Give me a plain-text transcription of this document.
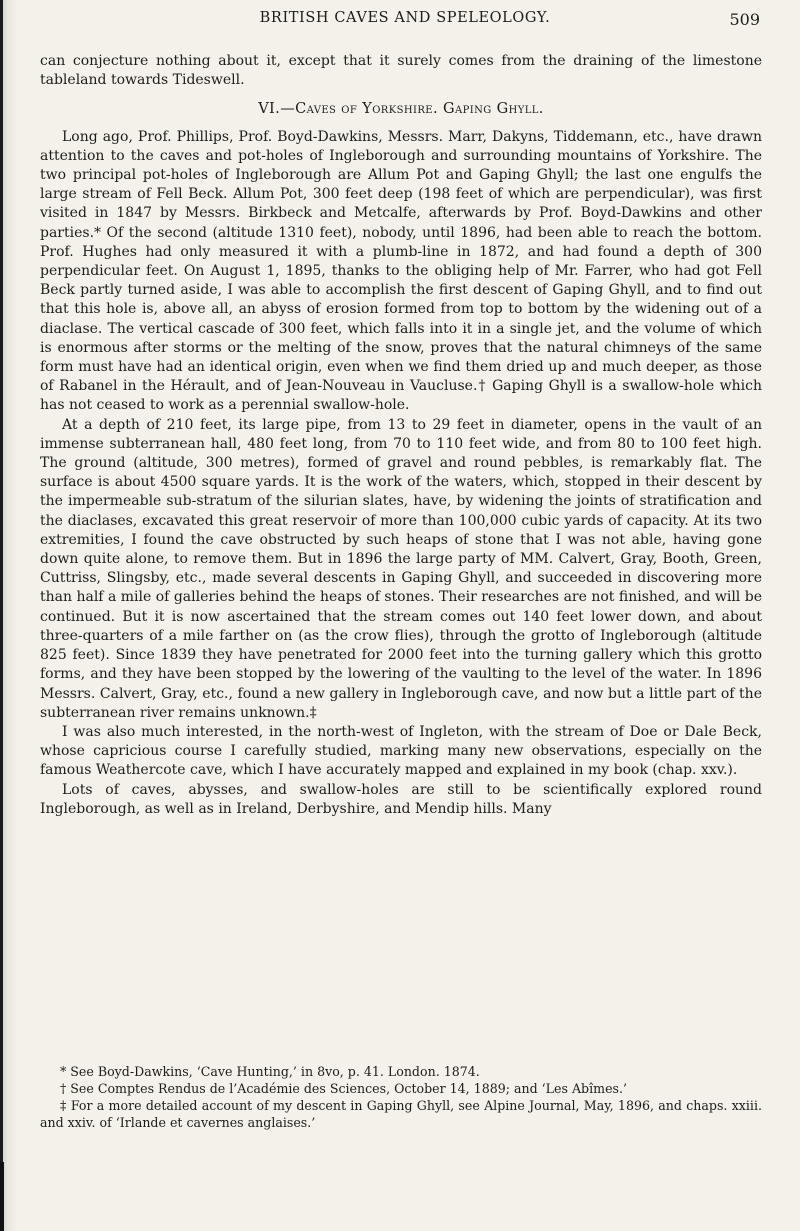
BRITISH CAVES AND SPELEOLOGY.	509

can conjecture nothing about it, except that it surely comes from the draining of the limestone tableland towards Tideswell.

VI.—Caves of Yorkshire. Gaping Ghyll.

Long ago, Prof. Phillips, Prof. Boyd-Dawkins, Messrs. Marr, Dakyns, Tiddemann, etc., have drawn attention to the caves and pot-holes of Ingleborough and surrounding mountains of Yorkshire. The two principal pot-holes of Ingleborough are Allum Pot and Gaping Ghyll; the last one engulfs the large stream of Fell Beck. Allum Pot, 300 feet deep (198 feet of which are perpendicular), was first visited in 1847 by Messrs. Birkbeck and Metcalfe, afterwards by Prof. Boyd-Dawkins and other parties.* Of the second (altitude 1310 feet), nobody, until 1896, had been able to reach the bottom. Prof. Hughes had only measured it with a plumb-line in 1872, and had found a depth of 300 perpendicular feet. On August 1, 1895, thanks to the obliging help of Mr. Farrer, who had got Fell Beck partly turned aside, I was able to accomplish the first descent of Gaping Ghyll, and to find out that this hole is, above all, an abyss of erosion formed from top to bottom by the widening out of a diaclase. The vertical cascade of 300 feet, which falls into it in a single jet, and the volume of which is enormous after storms or the melting of the snow, proves that the natural chimneys of the same form must have had an identical origin, even when we find them dried up and much deeper, as those of Rabanel in the Hérault, and of Jean-Nouveau in Vaucluse.† Gaping Ghyll is a swallow-hole which has not ceased to work as a perennial swallow-hole.

At a depth of 210 feet, its large pipe, from 13 to 29 feet in diameter, opens in the vault of an immense subterranean hall, 480 feet long, from 70 to 110 feet wide, and from 80 to 100 feet high. The ground (altitude, 300 metres), formed of gravel and round pebbles, is remarkably flat. The surface is about 4500 square yards. It is the work of the waters, which, stopped in their descent by the impermeable sub-stratum of the silurian slates, have, by widening the joints of stratification and the diaclases, excavated this great reservoir of more than 100,000 cubic yards of capacity. At its two extremities, I found the cave obstructed by such heaps of stone that I was not able, having gone down quite alone, to remove them. But in 1896 the large party of MM. Calvert, Gray, Booth, Green, Cuttriss, Slingsby, etc., made several descents in Gaping Ghyll, and succeeded in discovering more than half a mile of galleries behind the heaps of stones. Their researches are not finished, and will be continued. But it is now ascertained that the stream comes out 140 feet lower down, and about three-quarters of a mile farther on (as the crow flies), through the grotto of Ingleborough (altitude 825 feet). Since 1839 they have penetrated for 2000 feet into the turning gallery which this grotto forms, and they have been stopped by the lowering of the vaulting to the level of the water. In 1896 Messrs. Calvert, Gray, etc., found a new gallery in Ingleborough cave, and now but a little part of the subterranean river remains unknown.‡

I was also much interested, in the north-west of Ingleton, with the stream of Doe or Dale Beck, whose capricious course I carefully studied, marking many new observations, especially on the famous Weathercote cave, which I have accurately mapped and explained in my book (chap. xxv.).

Lots of caves, abysses, and swallow-holes are still to be scientifically explored round Ingleborough, as well as in Ireland, Derbyshire, and Mendip hills. Many

* See Boyd-Dawkins, ‘Cave Hunting,’ in 8vo, p. 41. London. 1874.

† See Comptes Rendus de l’Académie des Sciences, October 14, 1889; and ‘Les Abîmes.’

‡ For a more detailed account of my descent in Gaping Ghyll, see Alpine Journal, May, 1896, and chaps. xxiii. and xxiv. of ‘Irlande et cavernes anglaises.’
